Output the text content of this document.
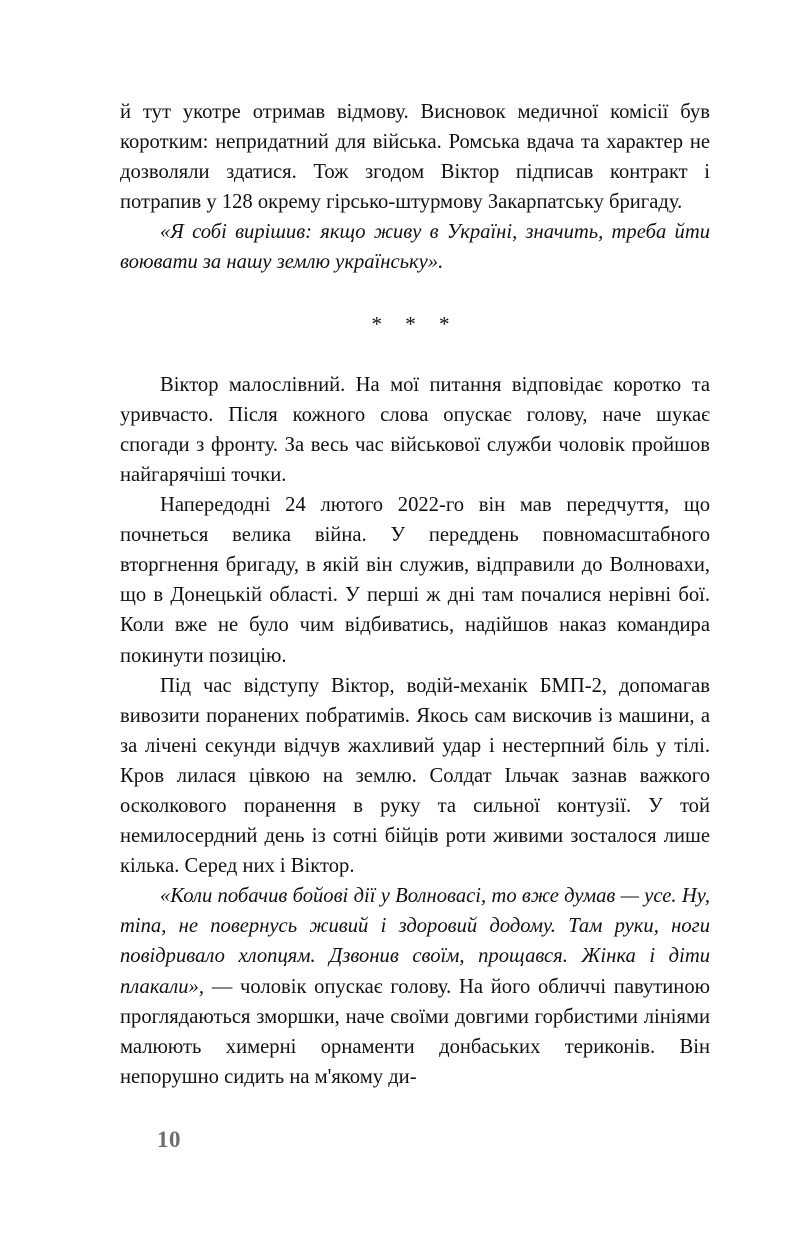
й тут укотре отримав відмову. Висновок медичної комісії був коротким: непридатний для війська. Ромська вдача та характер не дозволяли здатися. Тож згодом Віктор підписав контракт і потрапив у 128 окрему гірсько-штурмову Закарпатську бригаду.

«Я собі вирішив: якщо живу в Україні, значить, треба йти воювати за нашу землю українську».

* * *

Віктор малослівний. На мої питання відповідає коротко та уривчасто. Після кожного слова опускає голову, наче шукає спогади з фронту. За весь час військової служби чоловік пройшов найгарячіші точки.

Напередодні 24 лютого 2022-го він мав передчуття, що почнеться велика війна. У переддень повномасштабного вторгнення бригаду, в якій він служив, відправили до Волновахи, що в Донецькій області. У перші ж дні там почалися нерівні бої. Коли вже не було чим відбиватись, надійшов наказ командира покинути позицію.

Під час відступу Віктор, водій-механік БМП-2, допомагав вивозити поранених побратимів. Якось сам вискочив із машини, а за лічені секунди відчув жахливий удар і нестерпний біль у тілі. Кров лилася цівкою на землю. Солдат Ільчак зазнав важкого осколкового поранення в руку та сильної контузії. У той немилосердний день із сотні бійців роти живими зосталося лише кілька. Серед них і Віктор.

«Коли побачив бойові дії у Волновасі, то вже думав — усе. Ну, тіпа, не повернусь живий і здоровий додому. Там руки, ноги повідривало хлопцям. Дзвонив своїм, прощався. Жінка і діти плакали», — чоловік опускає голову. На його обличчі павутиною проглядаються зморшки, наче своїми довгими горбистими лініями малюють химерні орнаменти донбаських териконів. Він непорушно сидить на м'якому ди-

10
